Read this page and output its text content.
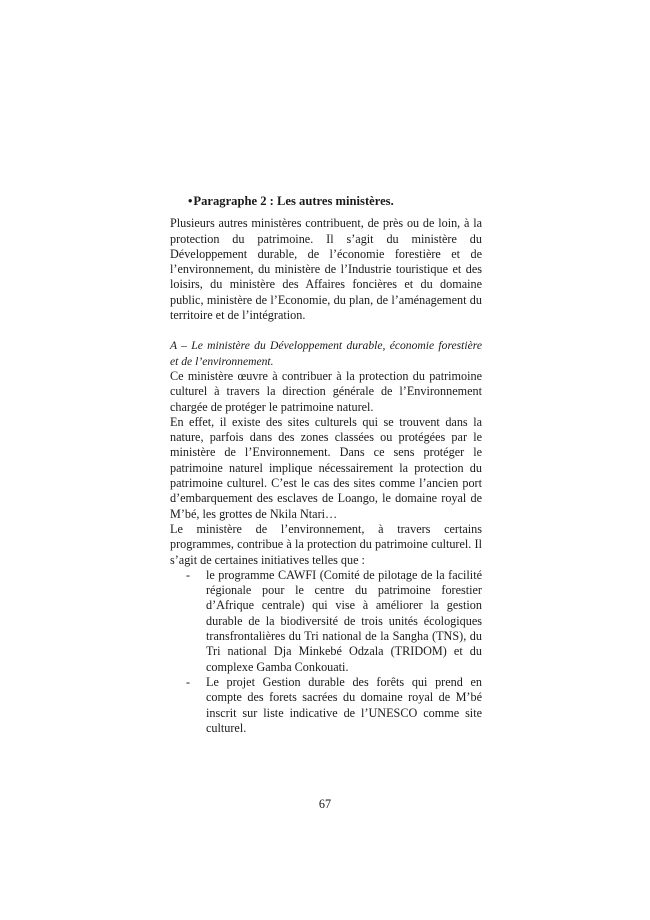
•Paragraphe 2 : Les autres ministères.

Plusieurs autres ministères contribuent, de près ou de loin, à la protection du patrimoine. Il s’agit du ministère du Développement durable, de l’économie forestière et de l’environnement, du ministère de l’Industrie touristique et des loisirs, du ministère des Affaires foncières et du domaine public, ministère de l’Economie, du plan, de l’aménagement du territoire et de l’intégration.

A – Le ministère du Développement durable, économie forestière et de l’environnement.

Ce ministère œuvre à contribuer à la protection du patrimoine culturel à travers la direction générale de l’Environnement chargée de protéger le patrimoine naturel.

En effet, il existe des sites culturels qui se trouvent dans la nature, parfois dans des zones classées ou protégées par le ministère de l’Environnement. Dans ce sens protéger le patrimoine naturel implique nécessairement la protection du patrimoine culturel. C’est le cas des sites comme l’ancien port d’embarquement des esclaves de Loango, le domaine royal de M’bé, les grottes de Nkila Ntari…

Le ministère de l’environnement, à travers certains programmes, contribue à la protection du patrimoine culturel. Il s’agit de certaines initiatives telles que :

- le programme CAWFI (Comité de pilotage de la facilité régionale pour le centre du patrimoine forestier d’Afrique centrale) qui vise à améliorer la gestion durable de la biodiversité de trois unités écologiques transfrontalières du Tri national de la Sangha (TNS), du Tri national Dja Minkebé Odzala (TRIDOM) et du complexe Gamba Conkouati.
- Le projet Gestion durable des forêts qui prend en compte des forets sacrées du domaine royal de M’bé inscrit sur liste indicative de l’UNESCO comme site culturel.
67
